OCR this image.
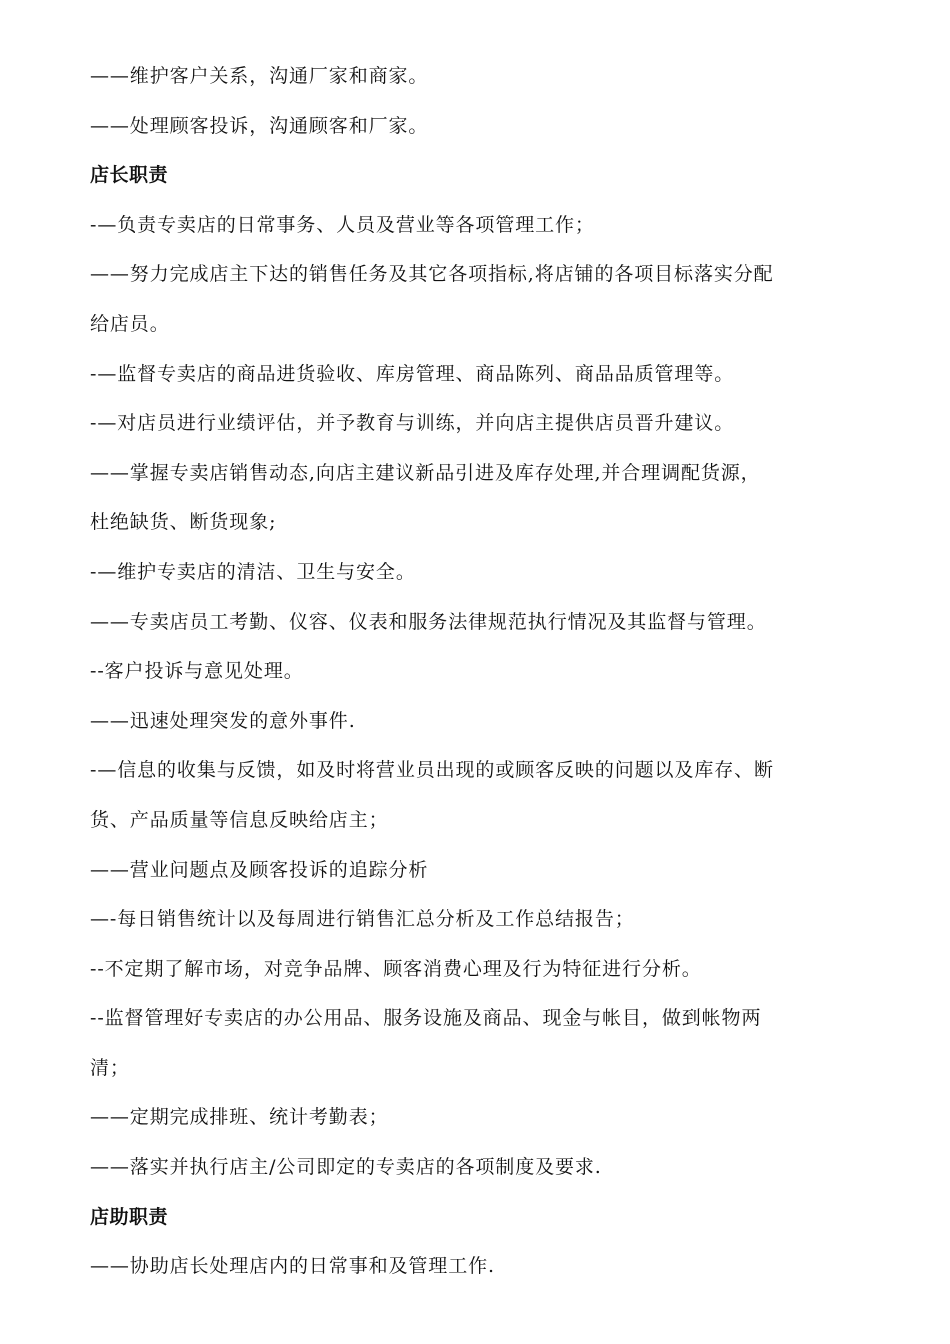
——维护客户关系，沟通厂家和商家。
——处理顾客投诉，沟通顾客和厂家。
店长职责
-—负责专卖店的日常事务、人员及营业等各项管理工作；
——努力完成店主下达的销售任务及其它各项指标,将店铺的各项目标落实分配
给店员。
-—监督专卖店的商品进货验收、库房管理、商品陈列、商品品质管理等。
-—对店员进行业绩评估，并予教育与训练，并向店主提供店员晋升建议。
——掌握专卖店销售动态,向店主建议新品引进及库存处理,并合理调配货源，
杜绝缺货、断货现象;
-—维护专卖店的清洁、卫生与安全。
——专卖店员工考勤、仪容、仪表和服务法律规范执行情况及其监督与管理。
--客户投诉与意见处理。
——迅速处理突发的意外事件.
-—信息的收集与反馈，如及时将营业员出现的或顾客反映的问题以及库存、断
货、产品质量等信息反映给店主；
——营业问题点及顾客投诉的追踪分析
—-每日销售统计以及每周进行销售汇总分析及工作总结报告；
--不定期了解市场，对竞争品牌、顾客消费心理及行为特征进行分析。
--监督管理好专卖店的办公用品、服务设施及商品、现金与帐目，做到帐物两
清；
——定期完成排班、统计考勤表；
——落实并执行店主/公司即定的专卖店的各项制度及要求.
店助职责
——协助店长处理店内的日常事和及管理工作.
